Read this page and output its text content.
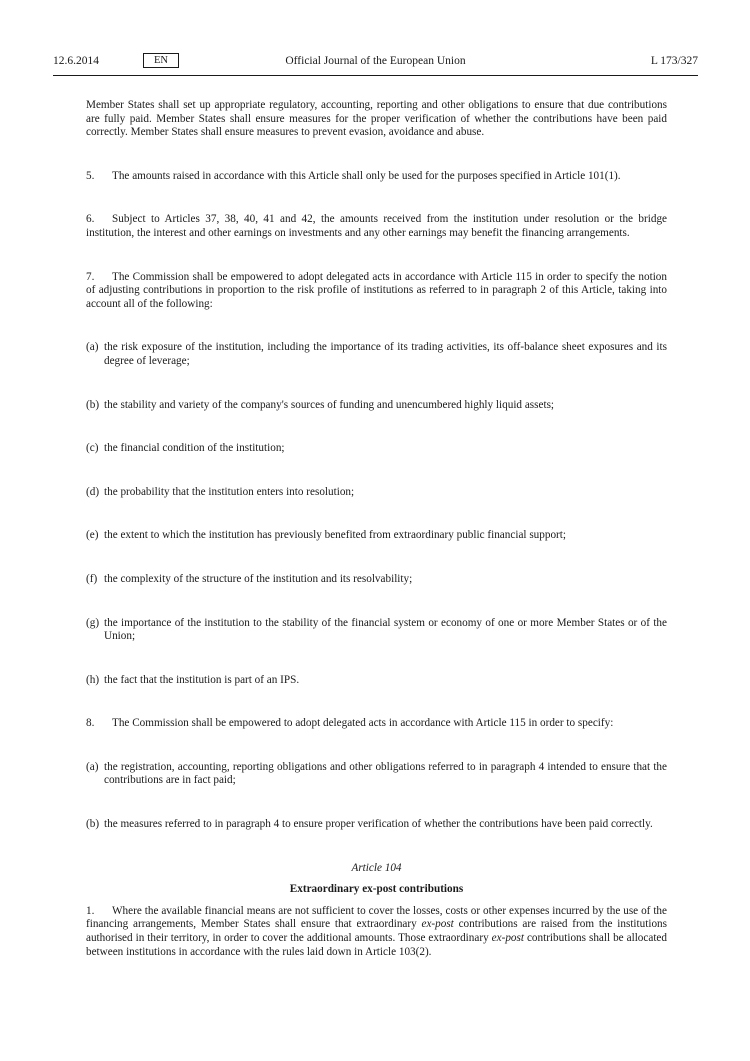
12.6.2014	EN	Official Journal of the European Union	L 173/327

Member States shall set up appropriate regulatory, accounting, reporting and other obligations to ensure that due contributions are fully paid. Member States shall ensure measures for the proper verification of whether the contributions have been paid correctly. Member States shall ensure measures to prevent evasion, avoidance and abuse.

5. The amounts raised in accordance with this Article shall only be used for the purposes specified in Article 101(1).

6. Subject to Articles 37, 38, 40, 41 and 42, the amounts received from the institution under resolution or the bridge institution, the interest and other earnings on investments and any other earnings may benefit the financing arrangements.

7. The Commission shall be empowered to adopt delegated acts in accordance with Article 115 in order to specify the notion of adjusting contributions in proportion to the risk profile of institutions as referred to in paragraph 2 of this Article, taking into account all of the following:

(a) the risk exposure of the institution, including the importance of its trading activities, its off-balance sheet exposures and its degree of leverage;
(b) the stability and variety of the company's sources of funding and unencumbered highly liquid assets;
(c) the financial condition of the institution;
(d) the probability that the institution enters into resolution;
(e) the extent to which the institution has previously benefited from extraordinary public financial support;
(f) the complexity of the structure of the institution and its resolvability;
(g) the importance of the institution to the stability of the financial system or economy of one or more Member States or of the Union;
(h) the fact that the institution is part of an IPS.

8. The Commission shall be empowered to adopt delegated acts in accordance with Article 115 in order to specify:

(a) the registration, accounting, reporting obligations and other obligations referred to in paragraph 4 intended to ensure that the contributions are in fact paid;
(b) the measures referred to in paragraph 4 to ensure proper verification of whether the contributions have been paid correctly.
Article 104
Extraordinary ex-post contributions

1. Where the available financial means are not sufficient to cover the losses, costs or other expenses incurred by the use of the financing arrangements, Member States shall ensure that extraordinary ex-post contributions are raised from the institutions authorised in their territory, in order to cover the additional amounts. Those extraordinary ex-post contributions shall be allocated between institutions in accordance with the rules laid down in Article 103(2).
